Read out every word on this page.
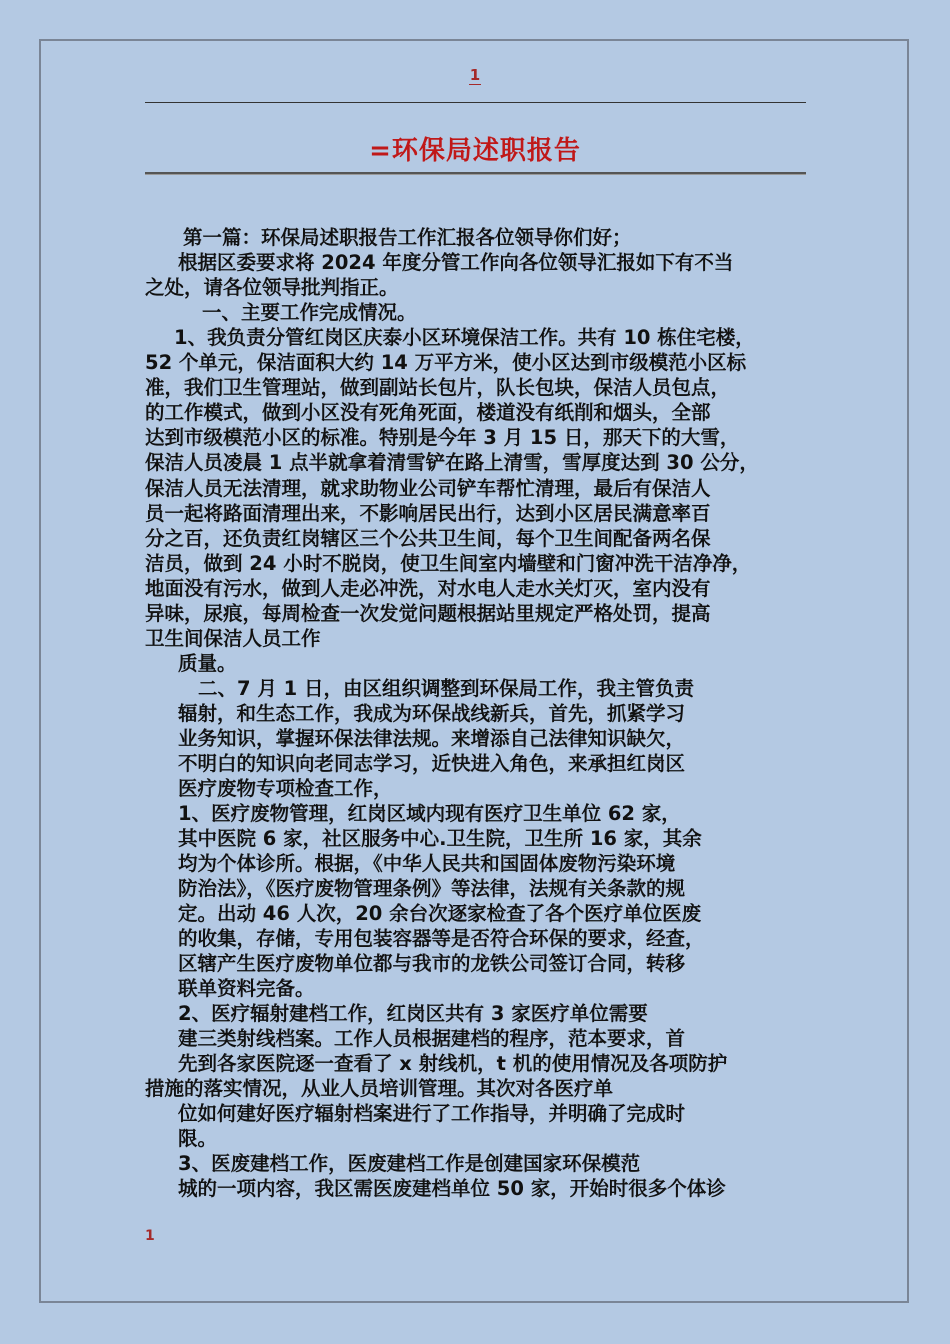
1
=环保局述职报告
第一篇：环保局述职报告工作汇报各位领导你们好；
根据区委要求将 2024 年度分管工作向各位领导汇报如下有不当
之处，请各位领导批判指正。
一、主要工作完成情况。
1、我负责分管红岗区庆泰小区环境保洁工作。共有 10 栋住宅楼，
52 个单元，保洁面积大约 14 万平方米，使小区达到市级模范小区标
准，我们卫生管理站，做到副站长包片，队长包块，保洁人员包点，
的工作模式，做到小区没有死角死面，楼道没有纸削和烟头，全部
达到市级模范小区的标准。特别是今年 3 月 15 日，那天下的大雪，
保洁人员凌晨 1 点半就拿着清雪铲在路上清雪，雪厚度达到 30 公分，
保洁人员无法清理，就求助物业公司铲车帮忙清理，最后有保洁人
员一起将路面清理出来，不影响居民出行，达到小区居民满意率百
分之百，还负责红岗辖区三个公共卫生间，每个卫生间配备两名保
洁员，做到 24 小时不脱岗，使卫生间室内墙壁和门窗冲洗干洁净净，
地面没有污水，做到人走必冲洗，对水电人走水关灯灭，室内没有
异味，尿痕，每周检查一次发觉问题根据站里规定严格处罚，提高
卫生间保洁人员工作
质量。
二、7 月 1 日，由区组织调整到环保局工作，我主管负责
辐射，和生态工作，我成为环保战线新兵，首先，抓紧学习
业务知识，掌握环保法律法规。来增添自己法律知识缺欠，
不明白的知识向老同志学习，近快进入角色，来承担红岗区
医疗废物专项检查工作，
1、医疗废物管理，红岗区域内现有医疗卫生单位 62 家，
其中医院 6 家，社区服务中心.卫生院，卫生所 16 家，其余
均为个体诊所。根据，《中华人民共和国固体废物污染环境
防治法》，《医疗废物管理条例》等法律，法规有关条款的规
定。出动 46 人次，20 余台次逐家检查了各个医疗单位医废
的收集，存储，专用包装容器等是否符合环保的要求，经查，
区辖产生医疗废物单位都与我市的龙铁公司签订合同，转移
联单资料完备。
2、医疗辐射建档工作，红岗区共有 3 家医疗单位需要
建三类射线档案。工作人员根据建档的程序，范本要求，首
先到各家医院逐一查看了 x 射线机，t 机的使用情况及各项防护
措施的落实情况，从业人员培训管理。其次对各医疗单
位如何建好医疗辐射档案进行了工作指导，并明确了完成时
限。
3、医废建档工作，医废建档工作是创建国家环保模范
城的一项内容，我区需医废建档单位 50 家，开始时很多个体诊
1
